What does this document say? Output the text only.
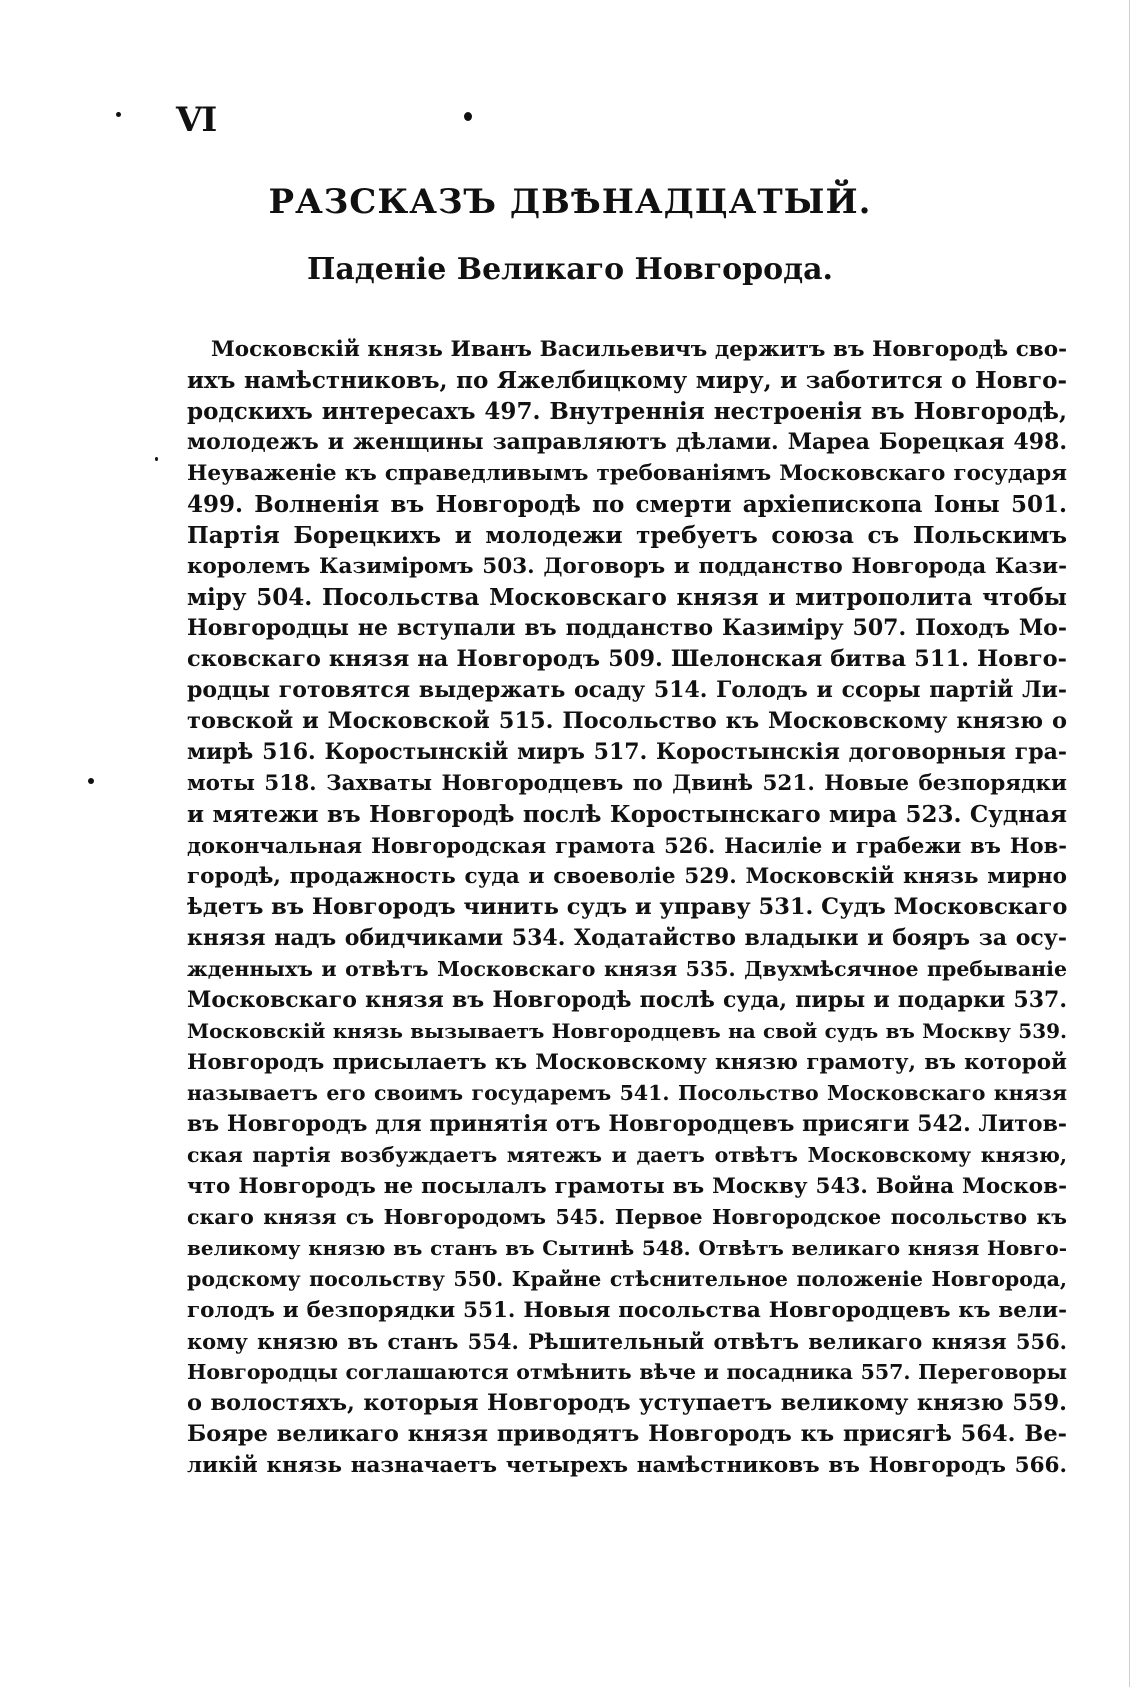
VI
РАЗСКАЗЪ ДВѢНАДЦАТЫЙ.
Паденіе Великаго Новгорода.
Московскій князь Иванъ Васильевичъ держитъ въ Новгородѣ сво-
ихъ намѣстниковъ, по Яжелбицкому миру, и заботится о Новго-
родскихъ интересахъ 497. Внутреннія нестроенія въ Новгородѣ,
молодежъ и женщины заправляютъ дѣлами. Мареа Борецкая 498.
Неуваженіе къ справедливымъ требованіямъ Московскаго государя
499. Волненія въ Новгородѣ по смерти архіепископа Іоны 501.
Партія Борецкихъ и молодежи требуетъ союза съ Польскимъ
королемъ Казиміромъ 503. Договоръ и подданство Новгорода Кази-
міру 504. Посольства Московскаго князя и митрополита чтобы
Новгородцы не вступали въ подданство Казиміру 507. Походъ Мо-
сковскаго князя на Новгородъ 509. Шелонская битва 511. Новго-
родцы готовятся выдержать осаду 514. Голодъ и ссоры партій Ли-
товской и Московской 515. Посольство къ Московскому князю о
мирѣ 516. Коростынскій миръ 517. Коростынскія договорныя гра-
моты 518. Захваты Новгородцевъ по Двинѣ 521. Новые безпорядки
и мятежи въ Новгородѣ послѣ Коростынскаго мира 523. Судная
докончальная Новгородская грамота 526. Насиліе и грабежи въ Нов-
городѣ, продажность суда и своеволіе 529. Московскій князь мирно
ѣдетъ въ Новгородъ чинить судъ и управу 531. Судъ Московскаго
князя надъ обидчиками 534. Ходатайство владыки и бояръ за осу-
жденныхъ и отвѣтъ Московскаго князя 535. Двухмѣсячное пребываніе
Московскаго князя въ Новгородѣ послѣ суда, пиры и подарки 537.
Московскій князь вызываетъ Новгородцевъ на свой судъ въ Москву 539.
Новгородъ присылаетъ къ Московскому князю грамоту, въ которой
называетъ его своимъ государемъ 541. Посольство Московскаго князя
въ Новгородъ для принятія отъ Новгородцевъ присяги 542. Литов-
ская партія возбуждаетъ мятежъ и даетъ отвѣтъ Московскому князю,
что Новгородъ не посылалъ грамоты въ Москву 543. Война Москов-
скаго князя съ Новгородомъ 545. Первое Новгородское посольство къ
великому князю въ станъ въ Сытинѣ 548. Отвѣтъ великаго князя Новго-
родскому посольству 550. Крайне стѣснительное положеніе Новгорода,
голодъ и безпорядки 551. Новыя посольства Новгородцевъ къ вели-
кому князю въ станъ 554. Рѣшительный отвѣтъ великаго князя 556.
Новгородцы соглашаются отмѣнить вѣче и посадника 557. Переговоры
о волостяхъ, которыя Новгородъ уступаетъ великому князю 559.
Бояре великаго князя приводятъ Новгородъ къ присягѣ 564. Ве-
ликій князь назначаетъ четырехъ намѣстниковъ въ Новгородъ 566.
